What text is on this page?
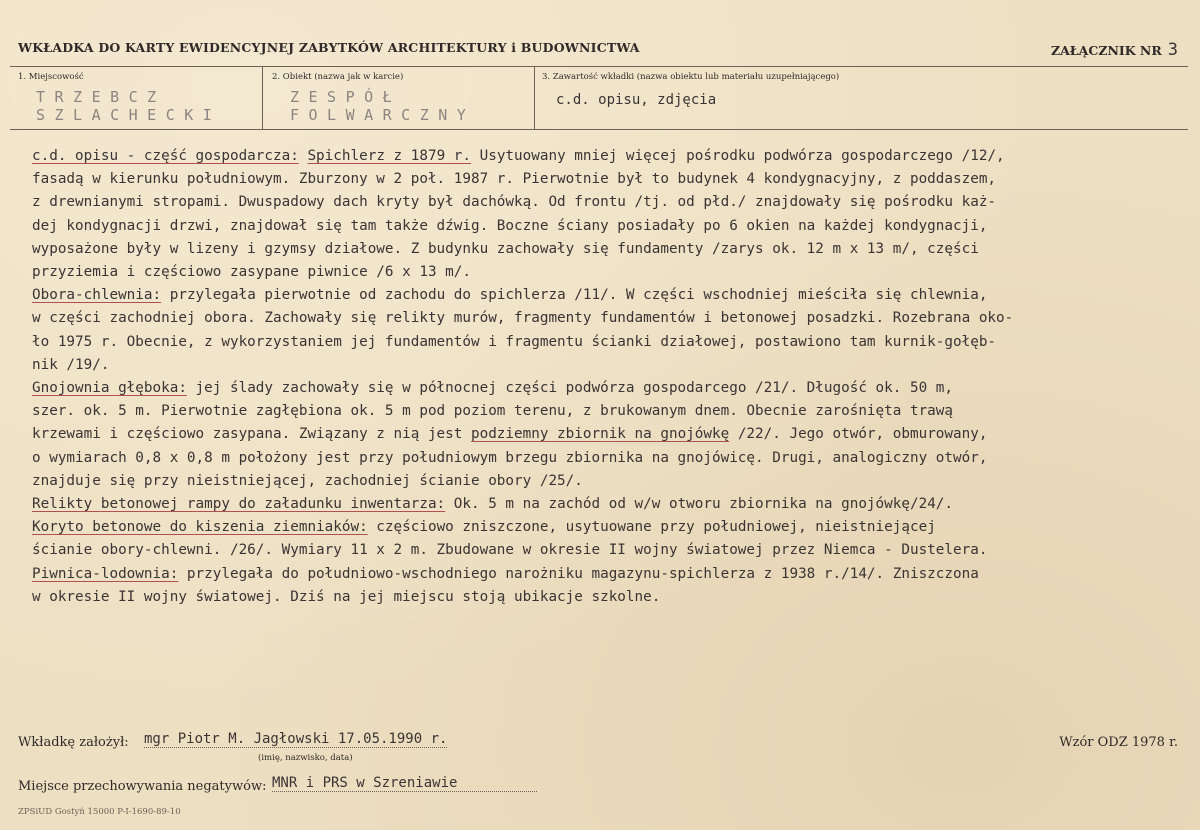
WKŁADKA DO KARTY EWIDENCYJNEJ ZABYTKÓW ARCHITEKTURY i BUDOWNICTWA	ZAŁĄCZNIK NR 3
1. Miejscowość
TRZEBCZ
SZLACHECKI
2. Obiekt (nazwa jak w karcie)
ZESPÓŁ
FOLWARCZNY
3. Zawartość wkładki (nazwa obiektu lub materiału uzupełniającego)
c.d. opisu, zdjęcia

c.d. opisu - część gospodarcza: Spichlerz z 1879 r. Usytuowany mniej więcej pośrodku podwórza gospodarczego /12/,

fasadą w kierunku południowym. Zburzony w 2 poł. 1987 r. Pierwotnie był to budynek 4 kondygnacyjny, z poddaszem,

z drewnianymi stropami. Dwuspadowy dach kryty był dachówką. Od frontu /tj. od płd./ znajdowały się pośrodku każ-

dej kondygnacji drzwi, znajdował się tam także dźwig. Boczne ściany posiadały po 6 okien na każdej kondygnacji,

wyposażone były w lizeny i gzymsy działowe. Z budynku zachowały się fundamenty /zarys ok. 12 m x 13 m/, części

przyziemia i częściowo zasypane piwnice /6 x 13 m/.

Obora-chlewnia: przylegała pierwotnie od zachodu do spichlerza /11/. W części wschodniej mieściła się chlewnia,

w części zachodniej obora. Zachowały się relikty murów, fragmenty fundamentów i betonowej posadzki. Rozebrana oko-

ło 1975 r. Obecnie, z wykorzystaniem jej fundamentów i fragmentu ścianki działowej, postawiono tam kurnik-gołęb-

nik /19/.

Gnojownia głęboka: jej ślady zachowały się w północnej części podwórza gospodarcego /21/. Długość ok. 50 m,

szer. ok. 5 m. Pierwotnie zagłębiona ok. 5 m pod poziom terenu, z brukowanym dnem. Obecnie zarośnięta trawą

krzewami i częściowo zasypana. Związany z nią jest podziemny zbiornik na gnojówkę /22/. Jego otwór, obmurowany,

o wymiarach 0,8 x 0,8 m położony jest przy południowym brzegu zbiornika na gnojówicę. Drugi, analogiczny otwór,

znajduje się przy nieistniejącej, zachodniej ścianie obory /25/.

Relikty betonowej rampy do załadunku inwentarza: Ok. 5 m na zachód od w/w otworu zbiornika na gnojówkę/24/.

Koryto betonowe do kiszenia ziemniaków: częściowo zniszczone, usytuowane przy południowej, nieistniejącej

ścianie obory-chlewni. /26/. Wymiary 11 x 2 m. Zbudowane w okresie II wojny światowej przez Niemca - Dustelera.

Piwnica-lodownia: przylegała do południowo-wschodniego narożniku magazynu-spichlerza z 1938 r./14/. Zniszczona

w okresie II wojny światowej. Dziś na jej miejscu stoją ubikacje szkolne.

Wkładkę założył: mgr Piotr M. Jagłowski 17.05.1990 r.
(imię, nazwisko, data)
Wzór ODZ 1978 r.
Miejsce przechowywania negatywów: MNR i PRS w Szreniawie
ZPSiUD Gostyń 15000 P-I-1690-89-10
